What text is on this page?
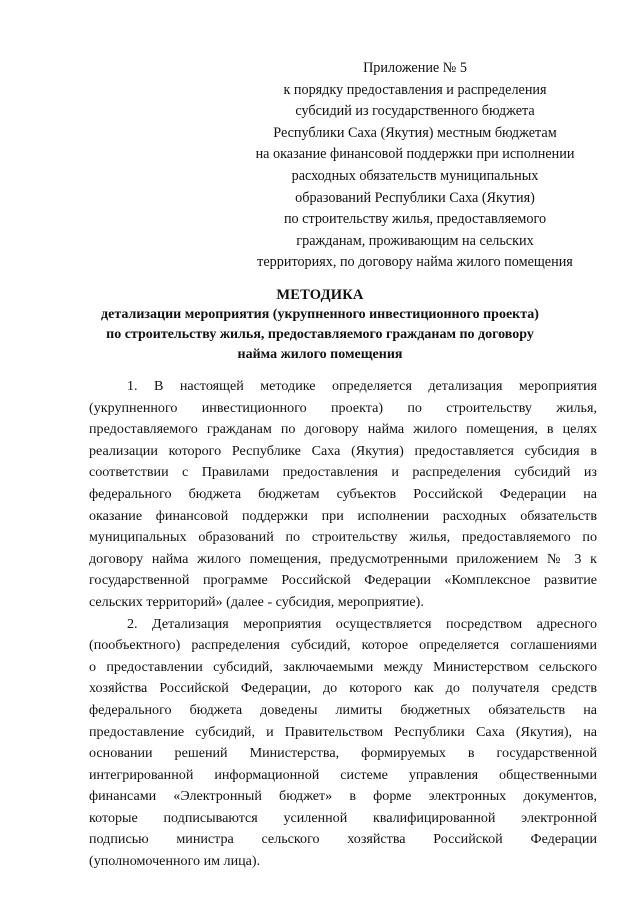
Приложение № 5
к порядку предоставления и распределения
субсидий из государственного бюджета
Республики Саха (Якутия) местным бюджетам
на оказание финансовой поддержки при исполнении
расходных обязательств муниципальных
образований Республики Саха (Якутия)
по строительству жилья, предоставляемого
гражданам, проживающим на сельских
территориях, по договору найма жилого помещения
МЕТОДИКА
детализации мероприятия (укрупненного инвестиционного проекта)
по строительству жилья, предоставляемого гражданам по договору
найма жилого помещения
1. В настоящей методике определяется детализация мероприятия
(укрупненного инвестиционного проекта) по строительству жилья,
предоставляемого гражданам по договору найма жилого помещения, в целях
реализации которого Республике Саха (Якутия) предоставляется субсидия в
соответствии с Правилами предоставления и распределения субсидий из
федерального бюджета бюджетам субъектов Российской Федерации на
оказание финансовой поддержки при исполнении расходных обязательств
муниципальных образований по строительству жилья, предоставляемого по
договору найма жилого помещения, предусмотренными приложением № 3 к
государственной программе Российской Федерации «Комплексное развитие
сельских территорий» (далее - субсидия, мероприятие).
2. Детализация мероприятия осуществляется посредством адресного
(пообъектного) распределения субсидий, которое определяется соглашениями
о предоставлении субсидий, заключаемыми между Министерством сельского
хозяйства Российской Федерации, до которого как до получателя средств
федерального бюджета доведены лимиты бюджетных обязательств на
предоставление субсидий, и Правительством Республики Саха (Якутия), на
основании решений Министерства, формируемых в государственной
интегрированной информационной системе управления общественными
финансами «Электронный бюджет» в форме электронных документов,
которые подписываются усиленной квалифицированной электронной
подписью министра сельского хозяйства Российской Федерации
(уполномоченного им лица).
